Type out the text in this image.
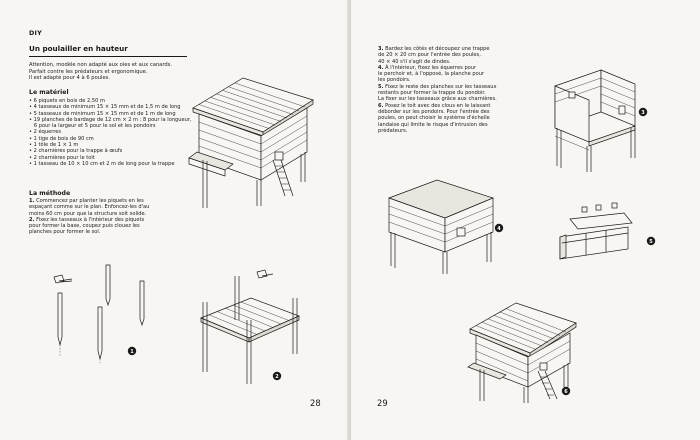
DIY
Un poulailler en hauteur
Attention, modèle non adapté aux oies et aux canards.
Parfait contre les prédateurs et ergonomique.
Il est adapté pour 4 à 6 poules.
Le matériel
• 6 piquets en bois de 2,50 m
• 4 tasseaux de minimum 15 × 15 mm et de 1,5 m de long
• 5 tasseaux de minimum 15 × 15 mm et de 1 m de long
• 19 planches de bardage de 12 cm × 2 m : 8 pour la longueur,
6 pour la largeur et 5 pour le sol et les pondoirs
• 2 équerres
• 1 tige de bois de 90 cm
• 1 tôle de 1 × 1 m
• 2 charnières pour la trappe à œufs
• 2 charnières pour le toit
• 1 tasseau de 10 × 10 cm et 2 m de long pour la trappe
La méthode
1. Commencez par planter les piquets en les
espaçant comme sur le plan. Enfoncez-les d'au
moins 60 cm pour que la structure soit solide.
2. Fixez les tasseaux à l'intérieur des piquets
pour former la base, coupez puis clouez les
planches pour former le sol.
1
2
28
3. Bardez les côtés et découpez une trappe
de 20 × 20 cm pour l'entrée des poules,
40 × 40 s'il s'agit de dindes.
4. À l'intérieur, fixez les équerres pour
le perchoir et, à l'opposé, la planche pour
les pondoirs.
5. Fixez le reste des planches sur les tasseaux
restants pour former la trappe du pondoir.
La fixer sur les tasseaux grâce aux charnières.
6. Posez le toit avec des clous en le laissant
déborder sur les pondoirs. Pour l'entrée des
poules, on peut choisir le système d'échelle
landaise qui limite le risque d'intrusion des
prédateurs.
3
4
5
6
29
